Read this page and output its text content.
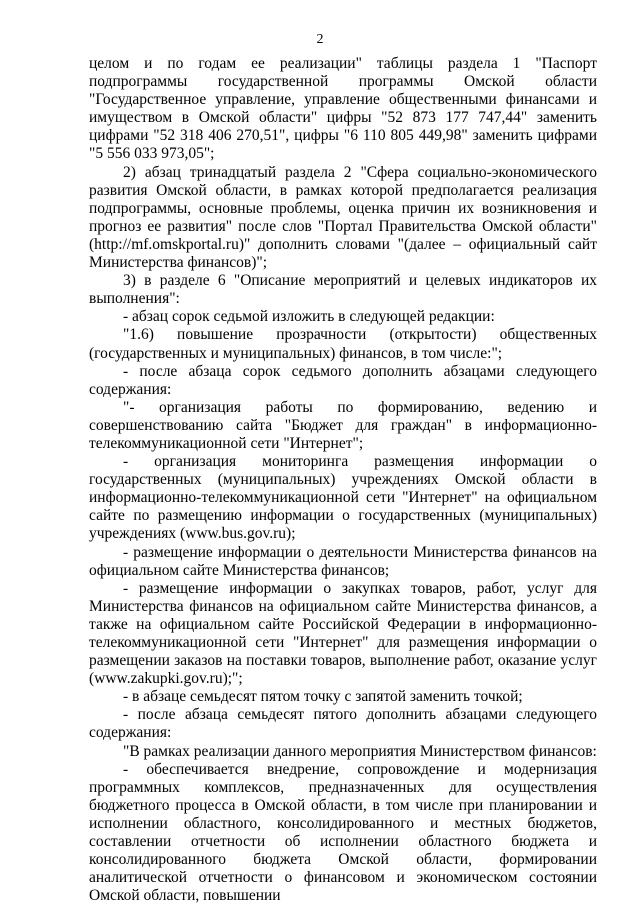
2

целом и по годам ее реализации" таблицы раздела 1 "Паспорт подпрограммы государственной программы Омской области "Государственное управление, управление общественными финансами и имуществом в Омской области" цифры "52 873 177 747,44" заменить цифрами "52 318 406 270,51", цифры "6 110 805 449,98" заменить цифрами "5 556 033 973,05";

2) абзац тринадцатый раздела 2 "Сфера социально-экономического развития Омской области, в рамках которой предполагается реализация подпрограммы, основные проблемы, оценка причин их возникновения и прогноз ее развития" после слов "Портал Правительства Омской области" (http://mf.omskportal.ru)" дополнить словами "(далее – официальный сайт Министерства финансов)";

3) в разделе 6 "Описание мероприятий и целевых индикаторов их выполнения":

- абзац сорок седьмой изложить в следующей редакции:

"1.6) повышение прозрачности (открытости) общественных (государственных и муниципальных) финансов, в том числе:";

- после абзаца сорок седьмого дополнить абзацами следующего содержания:

"- организация работы по формированию, ведению и совершенствованию сайта "Бюджет для граждан" в информационно-телекоммуникационной сети "Интернет";

- организация мониторинга размещения информации о государственных (муниципальных) учреждениях Омской области в информационно-телекоммуникационной сети "Интернет" на официальном сайте по размещению информации о государственных (муниципальных) учреждениях (www.bus.gov.ru);

- размещение информации о деятельности Министерства финансов на официальном сайте Министерства финансов;

- размещение информации о закупках товаров, работ, услуг для Министерства финансов на официальном сайте Министерства финансов, а также на официальном сайте Российской Федерации в информационно-телекоммуникационной сети "Интернет" для размещения информации о размещении заказов на поставки товаров, выполнение работ, оказание услуг (www.zakupki.gov.ru);";

- в абзаце семьдесят пятом точку с запятой заменить точкой;

- после абзаца семьдесят пятого дополнить абзацами следующего содержания:

"В рамках реализации данного мероприятия Министерством финансов:

- обеспечивается внедрение, сопровождение и модернизация программных комплексов, предназначенных для осуществления бюджетного процесса в Омской области, в том числе при планировании и исполнении областного, консолидированного и местных бюджетов, составлении отчетности об исполнении областного бюджета и консолидированного бюджета Омской области, формировании аналитической отчетности о финансовом и экономическом состоянии Омской области, повышении
